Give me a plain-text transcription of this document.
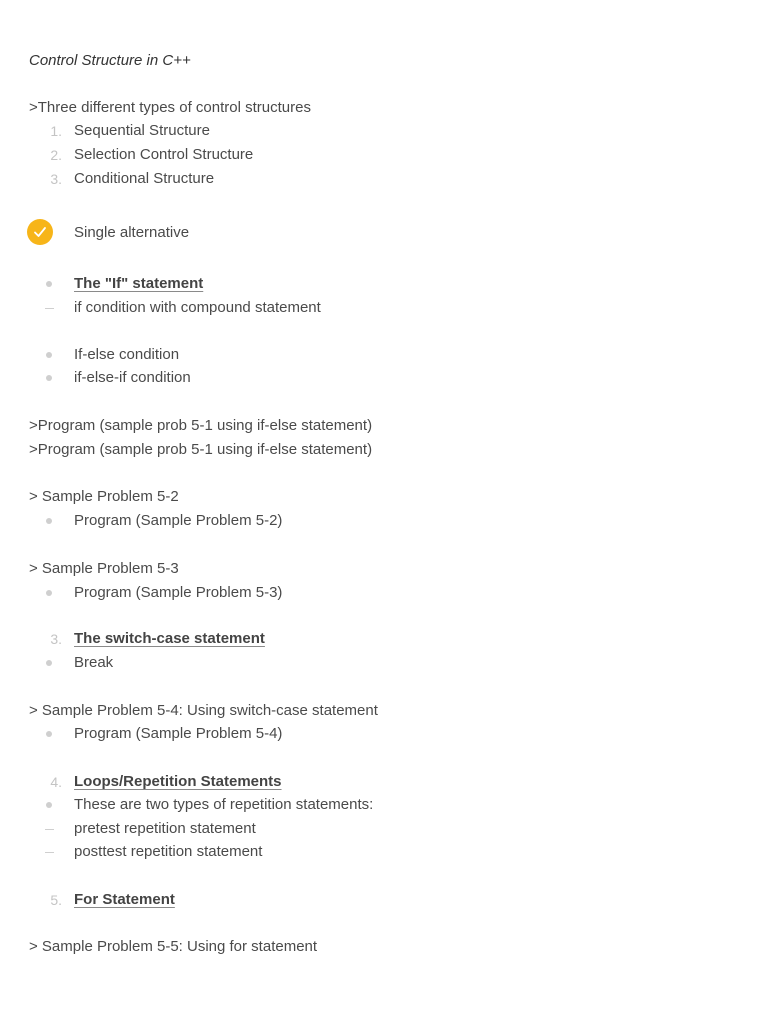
Control Structure in C++
>Three different types of control structures
1. Sequential Structure
2. Selection Control Structure
3. Conditional Structure
Single alternative
The "If" statement
if condition with compound statement
If-else condition
if-else-if condition
>Program (sample prob 5-1 using if-else statement)
>Program (sample prob 5-1 using if-else statement)
> Sample Problem 5-2
Program (Sample Problem 5-2)
> Sample Problem 5-3
Program (Sample Problem 5-3)
3. The switch-case statement
Break
> Sample Problem 5-4: Using switch-case statement
Program (Sample Problem 5-4)
4. Loops/Repetition Statements
These are two types of repetition statements:
pretest repetition statement
posttest repetition statement
5. For Statement
> Sample Problem 5-5: Using for statement
